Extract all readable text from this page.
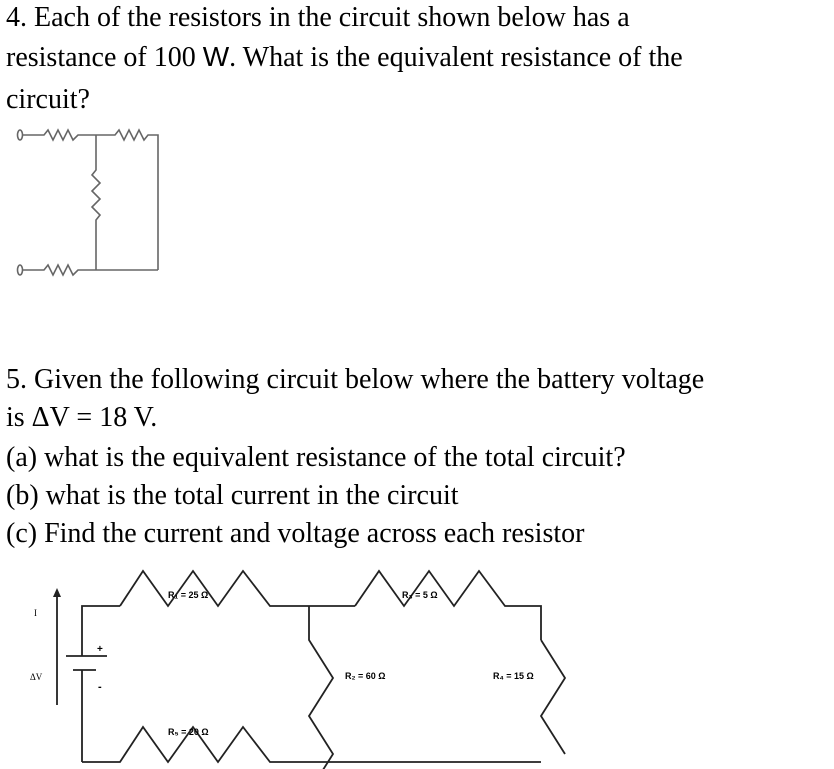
4. Each of the resistors in the circuit shown below has a
resistance of 100 W. What is the equivalent resistance of the
circuit?
R₁ = 25 Ω	R₃ = 5 Ω
R₂ = 60 Ω	R₄ = 15 Ω
R₅ = 20 Ω
I
ΔV
+
-
5. Given the following circuit below where the battery voltage
is ΔV = 18 V.
(a) what is the equivalent resistance of the total circuit?
(b) what is the total current in the circuit
(c) Find the current and voltage across each resistor
